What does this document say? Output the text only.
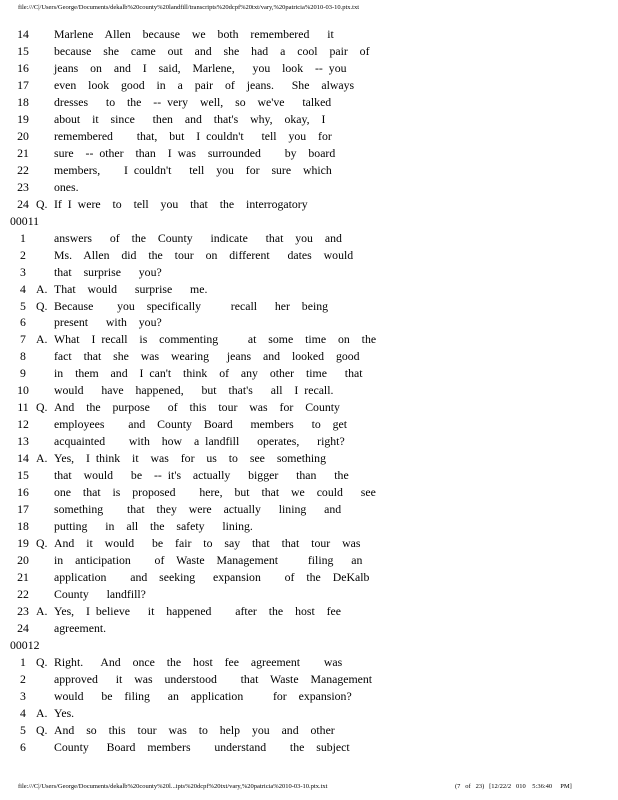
file:///C|/Users/George/Documents/dekalb%20county%20landfill/transcripts%20dcpf%20txt/vary,%20patricia%2010-03-10.ptx.txt
14	Marlene  Allen  because  we  both  remembered   it
15	because  she  came  out  and  she  had  a  cool  pair  of
16	jeans  on  and  I  said,  Marlene,   you  look  -- you
17	even  look  good  in  a  pair  of  jeans.   She  always
18	dresses   to  the  -- very  well,  so  we've   talked
19	about  it  since   then  and  that's  why,  okay,  I
20	remembered    that,  but  I couldn't   tell  you  for
21	sure  -- other  than  I was  surrounded    by  board
22	members,    I couldn't   tell  you  for  sure  which
23	ones.
24 Q. If I were  to  tell  you  that  the  interrogatory
00011
1	answers   of  the  County   indicate   that  you  and
2	Ms.  Allen  did  the  tour  on  different   dates  would
3	that  surprise   you?
4 A. That  would   surprise   me.
5 Q. Because    you  specifically     recall   her  being
6	present   with  you?
7 A. What  I recall  is  commenting     at  some  time  on  the
8	fact  that  she  was  wearing   jeans  and  looked  good
9	in  them  and  I can't  think  of  any  other  time   that
10	would   have  happened,   but  that's   all  I recall.
11 Q. And  the  purpose   of  this  tour  was  for  County
12	employees    and  County  Board   members   to  get
13	acquainted    with  how  a landfill   operates,   right?
14 A. Yes,  I think  it  was  for  us  to  see  something
15	that  would   be  -- it's  actually   bigger   than   the
16	one  that  is  proposed    here,  but  that  we  could   see
17	something    that  they  were  actually   lining   and
18	putting   in  all  the  safety   lining.
19 Q. And  it  would   be  fair  to  say  that  that  tour  was
20	in  anticipation    of  Waste  Management     filing   an
21	application    and  seeking   expansion    of  the  DeKalb
22	County   landfill?
23 A. Yes,  I believe   it  happened    after  the  host  fee
24	agreement.
00012
1 Q. Right.   And  once  the  host  fee  agreement    was
2	approved   it  was  understood    that  Waste  Management
3	would   be  filing   an  application     for  expansion?
4 A. Yes.
5 Q. And  so  this  tour  was  to  help  you  and  other
6	County   Board  members    understand    the  subject
file:///C|/Users/George/Documents/dekalb%20county%20l...ipts%20dcpf%20txt/vary,%20patricia%2010-03-10.ptx.txt	(7   of   23)   [12/22/2   010    5:36:40     PM]
